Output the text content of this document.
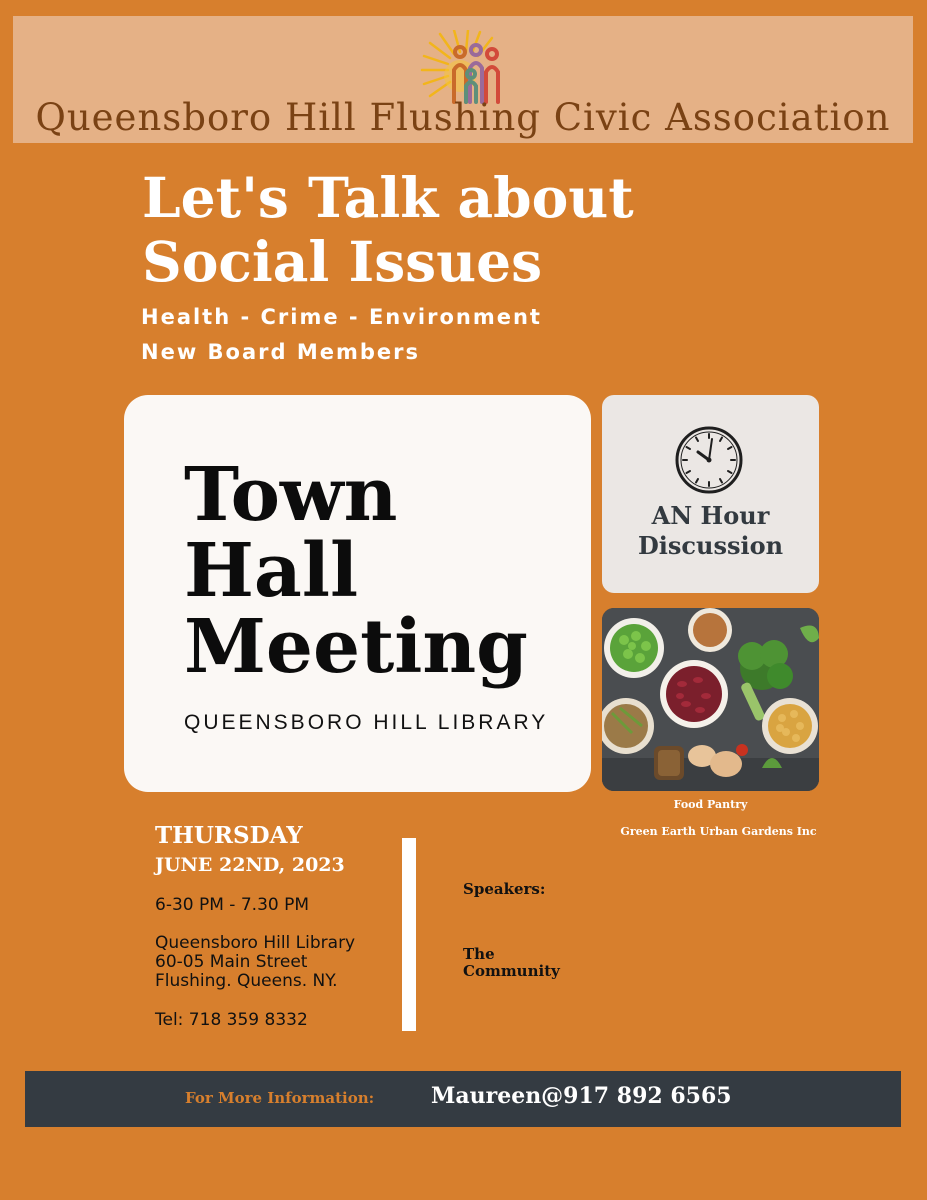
Queensboro Hill Flushing Civic Association
Let's Talk about
Social Issues
Health - Crime - Environment
New Board Members
Town
Hall
Meeting
QUEENSBORO HILL LIBRARY
AN Hour
Discussion
Food Pantry
Green Earth Urban Gardens Inc
THURSDAY
JUNE 22ND, 2023
6-30 PM - 7.30 PM
Queensboro Hill Library
60-05 Main Street
Flushing. Queens. NY.
Tel: 718 359 8332
Speakers:
The
Community
For More Information:	Maureen@917 892 6565
